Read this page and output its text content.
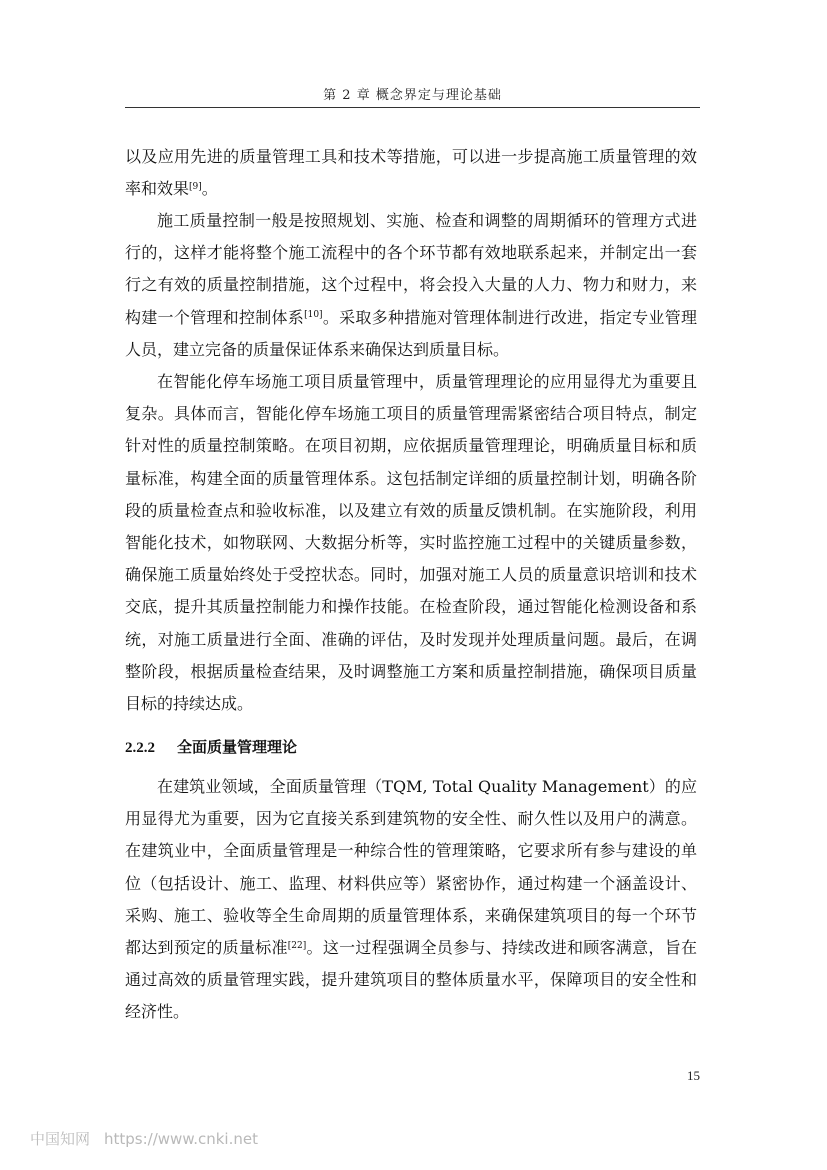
第 2 章 概念界定与理论基础

以及应用先进的质量管理工具和技术等措施，可以进一步提高施工质量管理的效率和效果[9]。

施工质量控制一般是按照规划、实施、检查和调整的周期循环的管理方式进行的，这样才能将整个施工流程中的各个环节都有效地联系起来，并制定出一套行之有效的质量控制措施，这个过程中，将会投入大量的人力、物力和财力，来构建一个管理和控制体系[10]。采取多种措施对管理体制进行改进，指定专业管理人员，建立完备的质量保证体系来确保达到质量目标。

在智能化停车场施工项目质量管理中，质量管理理论的应用显得尤为重要且复杂。具体而言，智能化停车场施工项目的质量管理需紧密结合项目特点，制定针对性的质量控制策略。在项目初期，应依据质量管理理论，明确质量目标和质量标准，构建全面的质量管理体系。这包括制定详细的质量控制计划，明确各阶段的质量检查点和验收标准，以及建立有效的质量反馈机制。在实施阶段，利用智能化技术，如物联网、大数据分析等，实时监控施工过程中的关键质量参数，确保施工质量始终处于受控状态。同时，加强对施工人员的质量意识培训和技术交底，提升其质量控制能力和操作技能。在检查阶段，通过智能化检测设备和系统，对施工质量进行全面、准确的评估，及时发现并处理质量问题。最后，在调整阶段，根据质量检查结果，及时调整施工方案和质量控制措施，确保项目质量目标的持续达成。

2.2.2 全面质量管理理论

在建筑业领域，全面质量管理（TQM, Total Quality Management）的应用显得尤为重要，因为它直接关系到建筑物的安全性、耐久性以及用户的满意。在建筑业中，全面质量管理是一种综合性的管理策略，它要求所有参与建设的单位（包括设计、施工、监理、材料供应等）紧密协作，通过构建一个涵盖设计、采购、施工、验收等全生命周期的质量管理体系，来确保建筑项目的每一个环节都达到预定的质量标准[22]。这一过程强调全员参与、持续改进和顾客满意，旨在通过高效的质量管理实践，提升建筑项目的整体质量水平，保障项目的安全性和经济性。

15
中国知网 https://www.cnki.net
